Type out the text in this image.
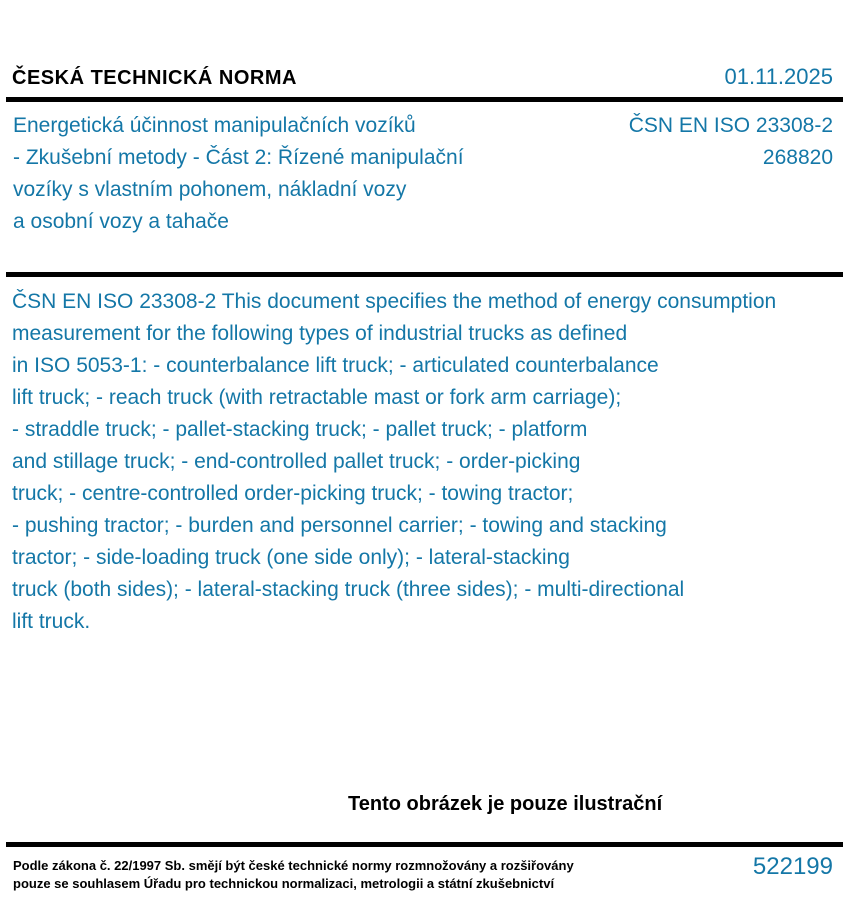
ČESKÁ TECHNICKÁ NORMA	01.11.2025
Energetická účinnost manipulačních vozíků
- Zkušební metody - Část 2: Řízené manipulační
vozíky s vlastním pohonem, nákladní vozy
a osobní vozy a tahače
ČSN EN ISO 23308-2
268820
ČSN EN ISO 23308-2 This document specifies the method of energy consumption
measurement for the following types of industrial trucks as defined
in ISO 5053-1: - counterbalance lift truck; - articulated counterbalance
lift truck; - reach truck (with retractable mast or fork arm carriage);
- straddle truck; - pallet-stacking truck; - pallet truck; - platform
and stillage truck; - end-controlled pallet truck; - order-picking
truck; - centre-controlled order-picking truck; - towing tractor;
- pushing tractor; - burden and personnel carrier; - towing and stacking
tractor; - side-loading truck (one side only); - lateral-stacking
truck (both sides); - lateral-stacking truck (three sides); - multi-directional
lift truck.
Tento obrázek je pouze ilustrační
Podle zákona č. 22/1997 Sb. smějí být české technické normy rozmnožovány a rozšiřovány
pouze se souhlasem Úřadu pro technickou normalizaci, metrologii a státní zkušebnictví
522199
